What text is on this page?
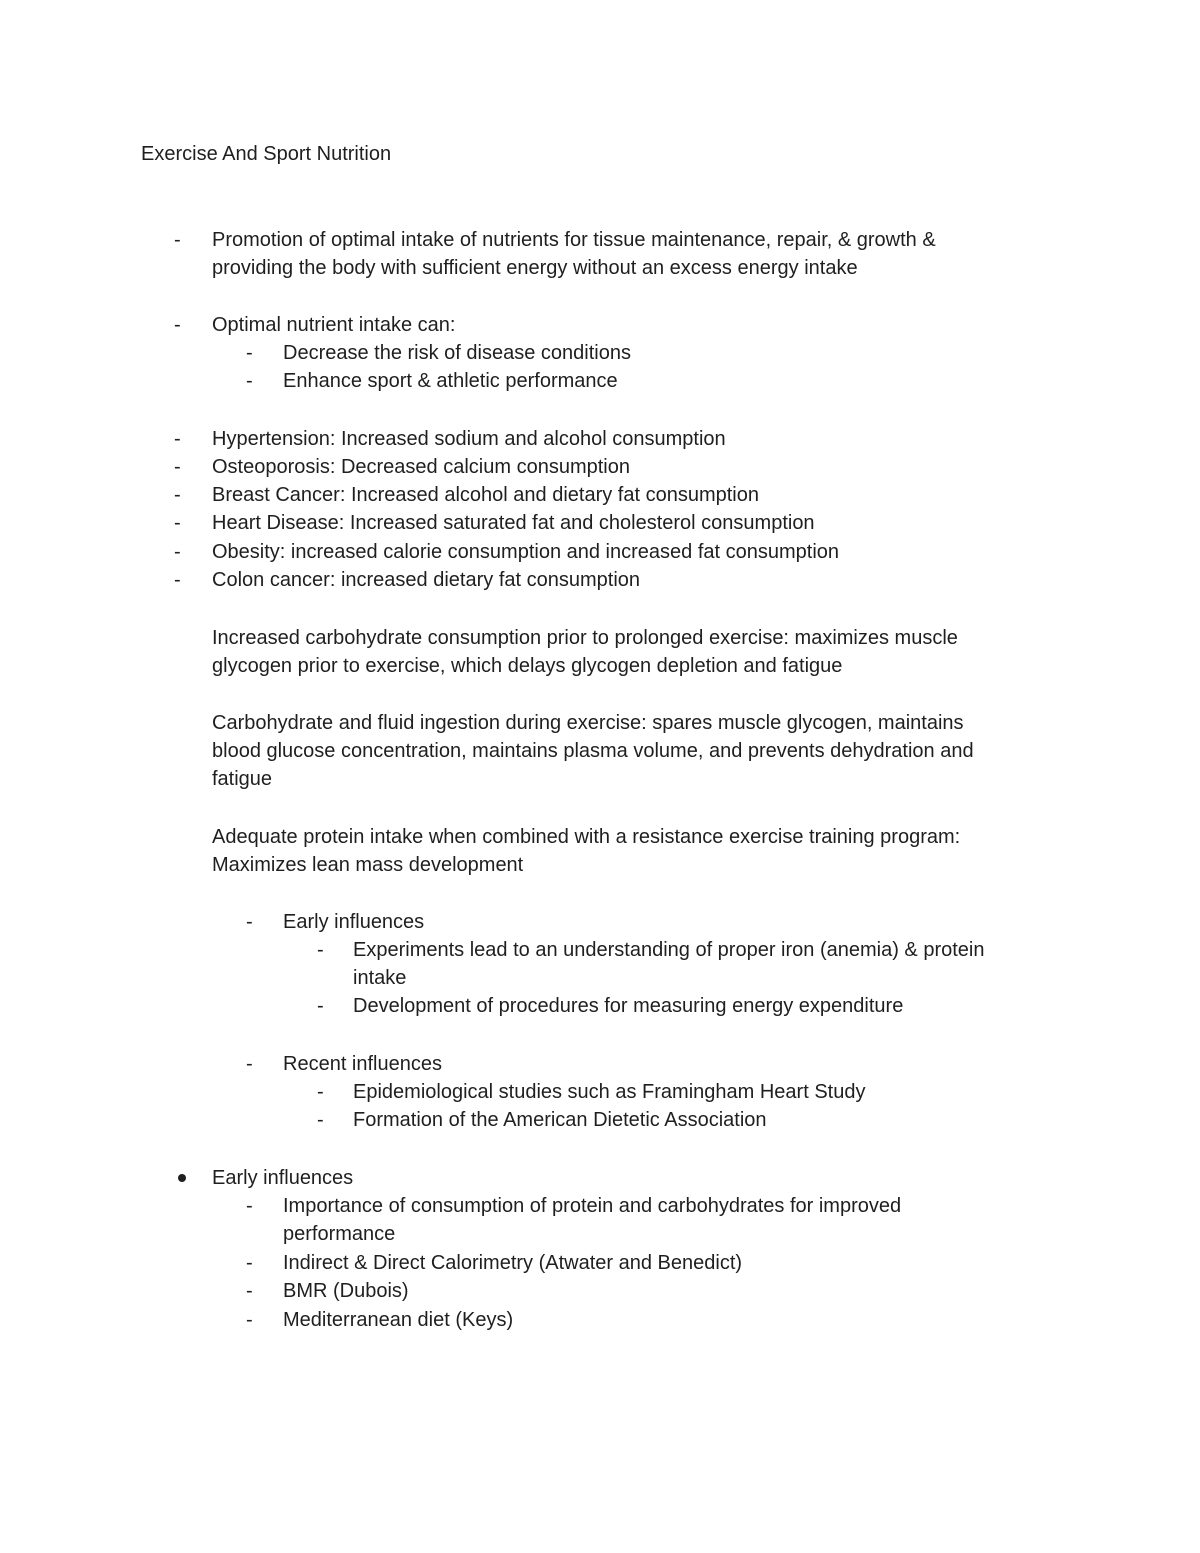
Exercise And Sport Nutrition
- Promotion of optimal intake of nutrients for tissue maintenance, repair, & growth &
providing the body with sufficient energy without an excess energy intake
- Optimal nutrient intake can:
- Decrease the risk of disease conditions
- Enhance sport & athletic performance
- Hypertension: Increased sodium and alcohol consumption
- Osteoporosis: Decreased calcium consumption
- Breast Cancer: Increased alcohol and dietary fat consumption
- Heart Disease: Increased saturated fat and cholesterol consumption
- Obesity: increased calorie consumption and increased fat consumption
- Colon cancer: increased dietary fat consumption
Increased carbohydrate consumption prior to prolonged exercise: maximizes muscle
glycogen prior to exercise, which delays glycogen depletion and fatigue
Carbohydrate and fluid ingestion during exercise: spares muscle glycogen, maintains
blood glucose concentration, maintains plasma volume, and prevents dehydration and
fatigue
Adequate protein intake when combined with a resistance exercise training program:
Maximizes lean mass development
- Early influences
- Experiments lead to an understanding of proper iron (anemia) & protein
intake
- Development of procedures for measuring energy expenditure
- Recent influences
- Epidemiological studies such as Framingham Heart Study
- Formation of the American Dietetic Association
Early influences
- Importance of consumption of protein and carbohydrates for improved
performance
- Indirect & Direct Calorimetry (Atwater and Benedict)
- BMR (Dubois)
- Mediterranean diet (Keys)
